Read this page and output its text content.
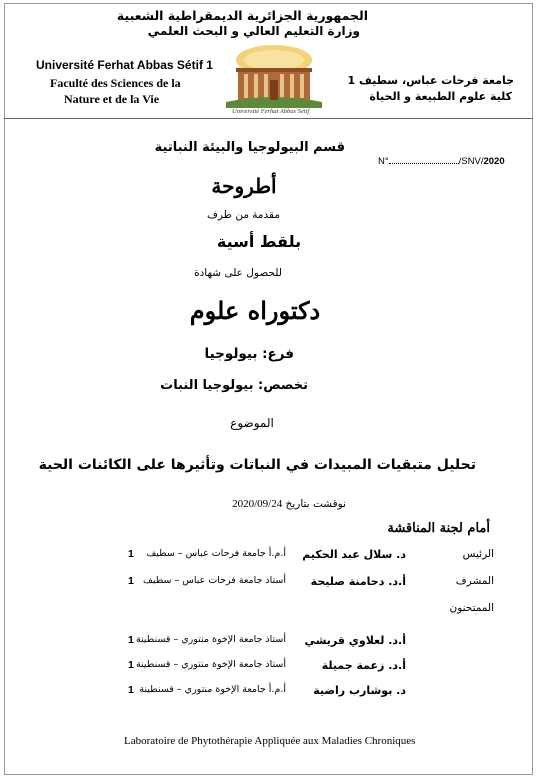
الجمهورية الجزائرية الديمقراطية الشعبية
وزارة التعليم العالي و البحث العلمي
Université Ferhat Abbas Sétif 1
Faculté des Sciences de la
Nature et de la Vie
جامعة فرحات عباس، سطيف 1
كلية علوم الطبيعة و الحياة
Université Ferhat Abbas Sétif
قسم البيولوجيا والبيئة النباتية
N°	/SNV/2020
أطروحة
مقدمة من طرف
بلقط أسية
للحصول على شهادة
دكتوراه علوم
فرع: بيولوجيا
تخصص: بيولوجيا النبات
الموضوع
تحليل متبقيات المبيدات في النباتات وتأثيرها على الكائنات الحية
نوقشت بتاريخ 2020/09/24
أمام لجنة المناقشة
الرئيس
د. سلال عبد الحكيم
أ.م.أ جامعة فرحات عباس – سطيف
1
المشرف
أ.د. دحامنة صليحة
أستاذ جامعة فرحات عباس – سطيف
1
الممتحنون
أ.د. لعلاوي قريشي
أستاذ جامعة الإخوة منتوري – قسنطينة
1
أ.د. زعمة جميلة
أستاذ جامعة الإخوة منتوري – قسنطينة
1
د. بوشارب راضية
أ.م.أ جامعة الإخوة منتوري – قسنطينة
1
Laboratoire de Phytothérapie Appliquée aux Maladies Chroniques
